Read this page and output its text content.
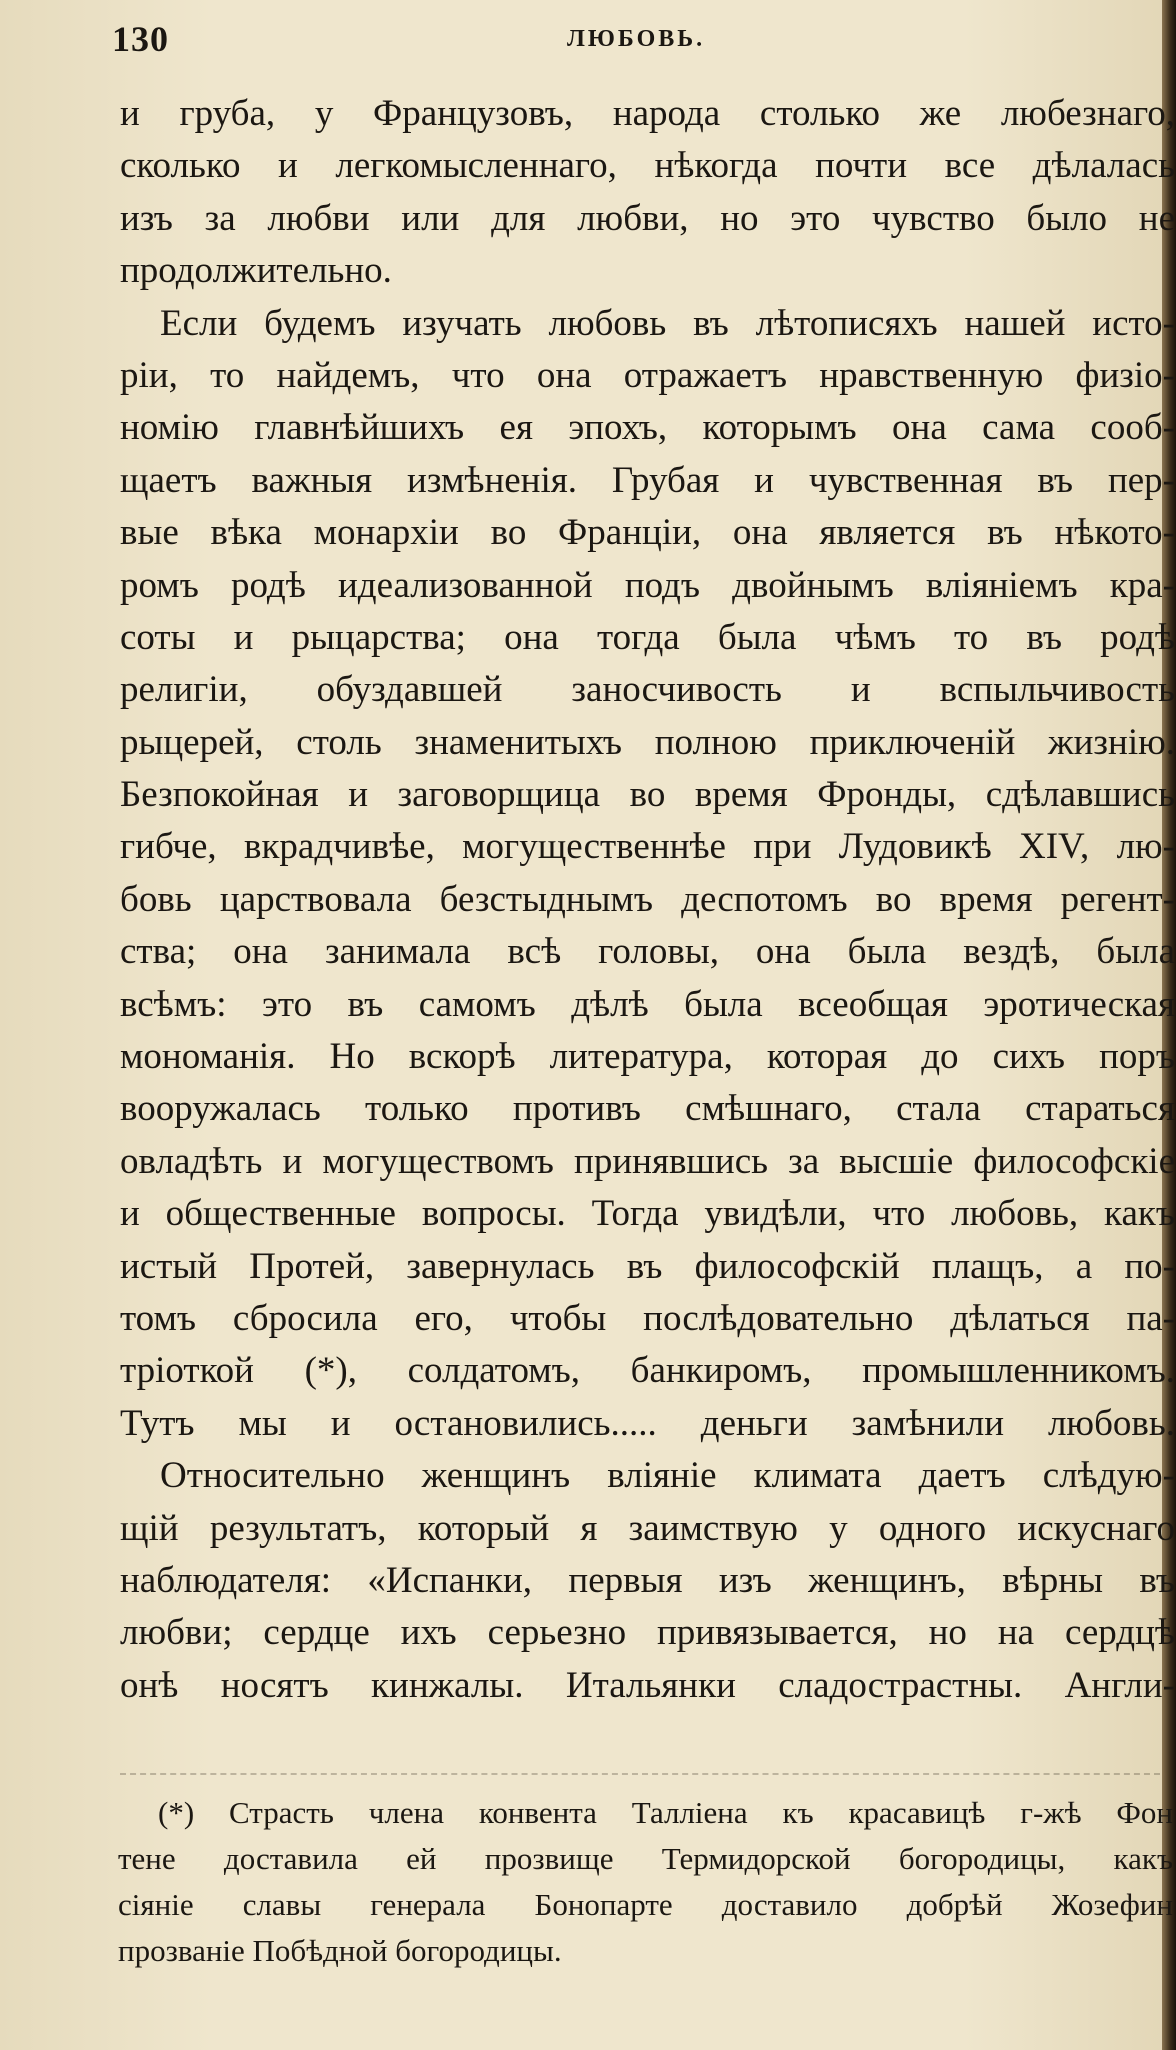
130	ЛЮБОВЬ.
и груба, у Французовъ, народа столько же любезнаго,
сколько и легкомысленнаго, нѣкогда почти все дѣлалась
изъ за любви или для любви, но это чувство было не
продолжительно.
Если будемъ изучать любовь въ лѣтописяхъ нашей исто-
ріи, то найдемъ, что она отражаетъ нравственную физіо-
номію главнѣйшихъ ея эпохъ, которымъ она сама сооб-
щаетъ важныя измѣненія. Грубая и чувственная въ пер-
вые вѣка монархіи во Франціи, она является въ нѣкото-
ромъ родѣ идеализованной подъ двойнымъ вліяніемъ кра-
соты и рыцарства; она тогда была чѣмъ то въ родѣ
религіи, обуздавшей заносчивость и вспыльчивость
рыцерей, столь знаменитыхъ полною приключеній жизнію.
Безпокойная и заговорщица во время Фронды, сдѣлавшись
гибче, вкрадчивѣе, могущественнѣе при Лудовикѣ XIV, лю-
бовь царствовала безстыднымъ деспотомъ во время регент-
ства; она занимала всѣ головы, она была вездѣ, была
всѣмъ: это въ самомъ дѣлѣ была всеобщая эротическая
мономанія. Но вскорѣ литература, которая до сихъ поръ
вооружалась только противъ смѣшнаго, стала стараться
овладѣть и могуществомъ принявшись за высшіе философскіе
и общественные вопросы. Тогда увидѣли, что любовь, какъ
истый Протей, завернулась въ философскій плащъ, а по-
томъ сбросила его, чтобы послѣдовательно дѣлаться па-
тріоткой (*), солдатомъ, банкиромъ, промышленникомъ.
Тутъ мы и остановились..... деньги замѣнили любовь.
Относительно женщинъ вліяніе климата даетъ слѣдую-
щій результатъ, который я заимствую у одного искуснаго
наблюдателя: «Испанки, первыя изъ женщинъ, вѣрны въ
любви; сердце ихъ серьезно привязывается, но на сердцѣ
онѣ носятъ кинжалы. Итальянки сладострастны. Англи-
(*) Страсть члена конвента Талліена къ красавицѣ г-жѣ Фон
тене доставила ей прозвище Термидорской богородицы, какъ
сіяніе славы генерала Бонопарте доставило добрѣй Жозефин
прозваніе Побѣдной богородицы.
